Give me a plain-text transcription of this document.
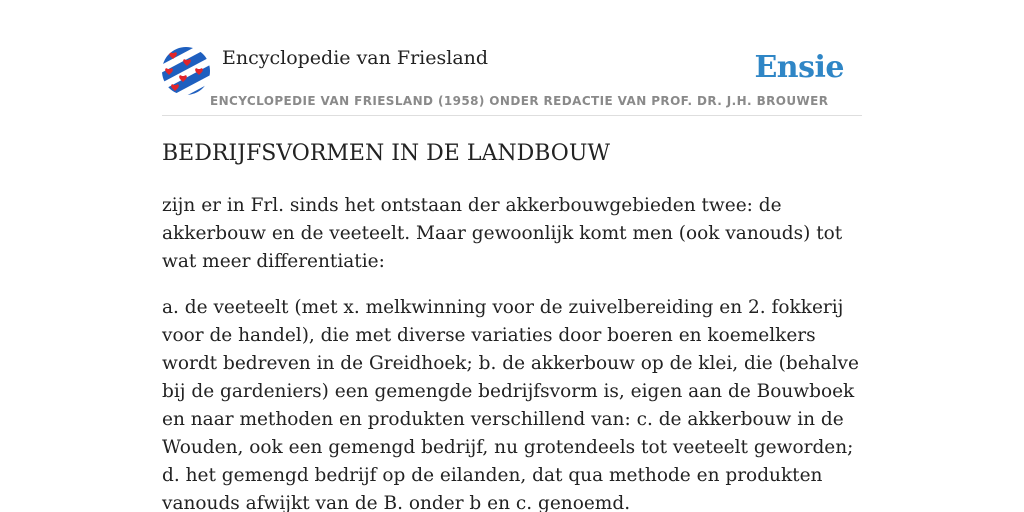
Encyclopedie van Friesland	Ensie
ENCYCLOPEDIE VAN FRIESLAND (1958) ONDER REDACTIE VAN PROF. DR. J.H. BROUWER
BEDRIJFSVORMEN IN DE LANDBOUW

zijn er in Frl. sinds het ontstaan der akkerbouwgebieden twee: de akkerbouw en de veeteelt. Maar gewoonlijk komt men (ook vanouds) tot wat meer differentiatie:

a. de veeteelt (met x. melkwinning voor de zuivelbereiding en 2. fokkerij voor de handel), die met diverse variaties door boeren en koemelkers wordt bedreven in de Greidhoek; b. de akkerbouw op de klei, die (behalve bij de gardeniers) een gemengde bedrijfsvorm is, eigen aan de Bouwboek en naar methoden en produkten verschillend van: c. de akkerbouw in de Wouden, ook een gemengd bedrijf, nu grotendeels tot veeteelt geworden; d. het gemengd bedrijf op de eilanden, dat qua methode en produkten vanouds afwijkt van de B. onder b en c. genoemd.
